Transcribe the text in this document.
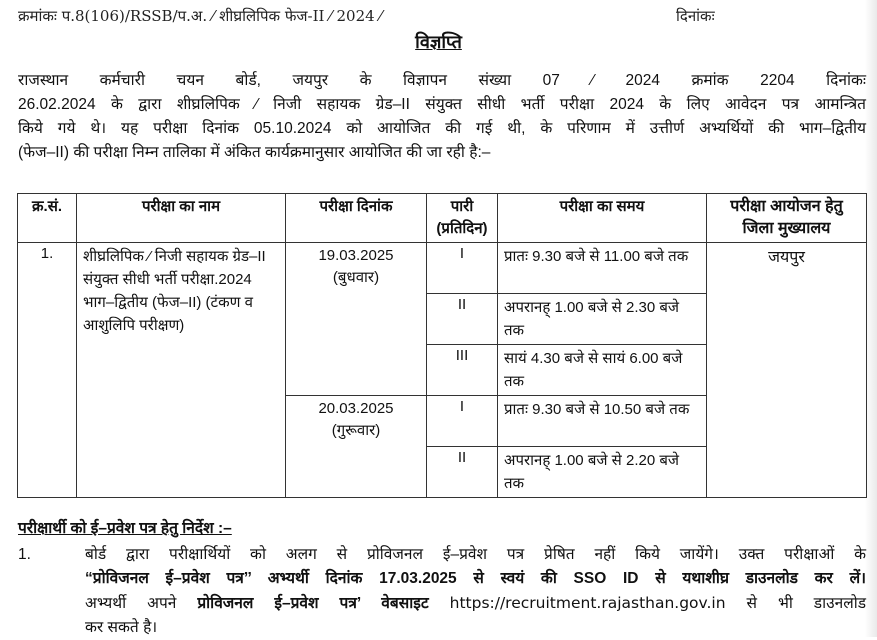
क्रमांकः प.8(106)/RSSB/प.अ. ⁄ शीघ्रलिपिक फेज-II ⁄ 2024 ⁄	दिनांकः
विज्ञप्ति
राजस्थान कर्मचारी चयन बोर्ड, जयपुर के विज्ञापन संख्या 07 ⁄ 2024 क्रमांक 2204 दिनांकः
26.02.2024 के द्वारा शीघ्रलिपिक ⁄ निजी सहायक ग्रेड–II संयुक्त सीधी भर्ती परीक्षा 2024 के लिए आवेदन पत्र आमन्त्रित
किये गये थे। यह परीक्षा दिनांक 05.10.2024 को आयोजित की गई थी, के परिणाम में उत्तीर्ण अभ्यर्थियों की भाग–द्वितीय
(फेज–II) की परीक्षा निम्न तालिका में अंकित कार्यक्रमानुसार आयोजित की जा रही है:–
क्र.सं.	परीक्षा का नाम	परीक्षा दिनांक	पारी (प्रतिदिन)	परीक्षा का समय	परीक्षा आयोजन हेतु जिला मुख्यालय
1.	शीघ्रलिपिक ⁄ निजी सहायक ग्रेड–II संयुक्त सीधी भर्ती परीक्षा.2024 भाग–द्वितीय (फेज–II) (टंकण व आशुलिपि परीक्षण)	19.03.2025
(बुधवार)	I	प्रातः 9.30 बजे से 11.00 बजे तक	जयपुर
			II	अपरानह् 1.00 बजे से 2.30 बजे तक	
			III	सायं 4.30 बजे से सायं 6.00 बजे तक	

		20.03.2025
(गुरूवार)	I	प्रातः 9.30 बजे से 10.50 बजे तक	
			II	अपरानह् 1.00 बजे से 2.20 बजे तक	
परीक्षार्थी को ई–प्रवेश पत्र हेतु निर्देश :–
1.	बोर्ड द्वारा परीक्षार्थियों को अलग से प्रोविजनल ई–प्रवेश पत्र प्रेषित नहीं किये जायेंगे। उक्त परीक्षाओं के
“प्रोविजनल ई–प्रवेश पत्र’’ अभ्यर्थी दिनांक 17.03.2025 से स्वयं की SSO ID से यथाशीघ्र डाउनलोड कर लें।
अभ्यर्थी अपने प्रोविजनल ई–प्रवेश पत्र’ वेबसाइट https://recruitment.rajasthan.gov.in से भी डाउनलोड
कर सकते है।
